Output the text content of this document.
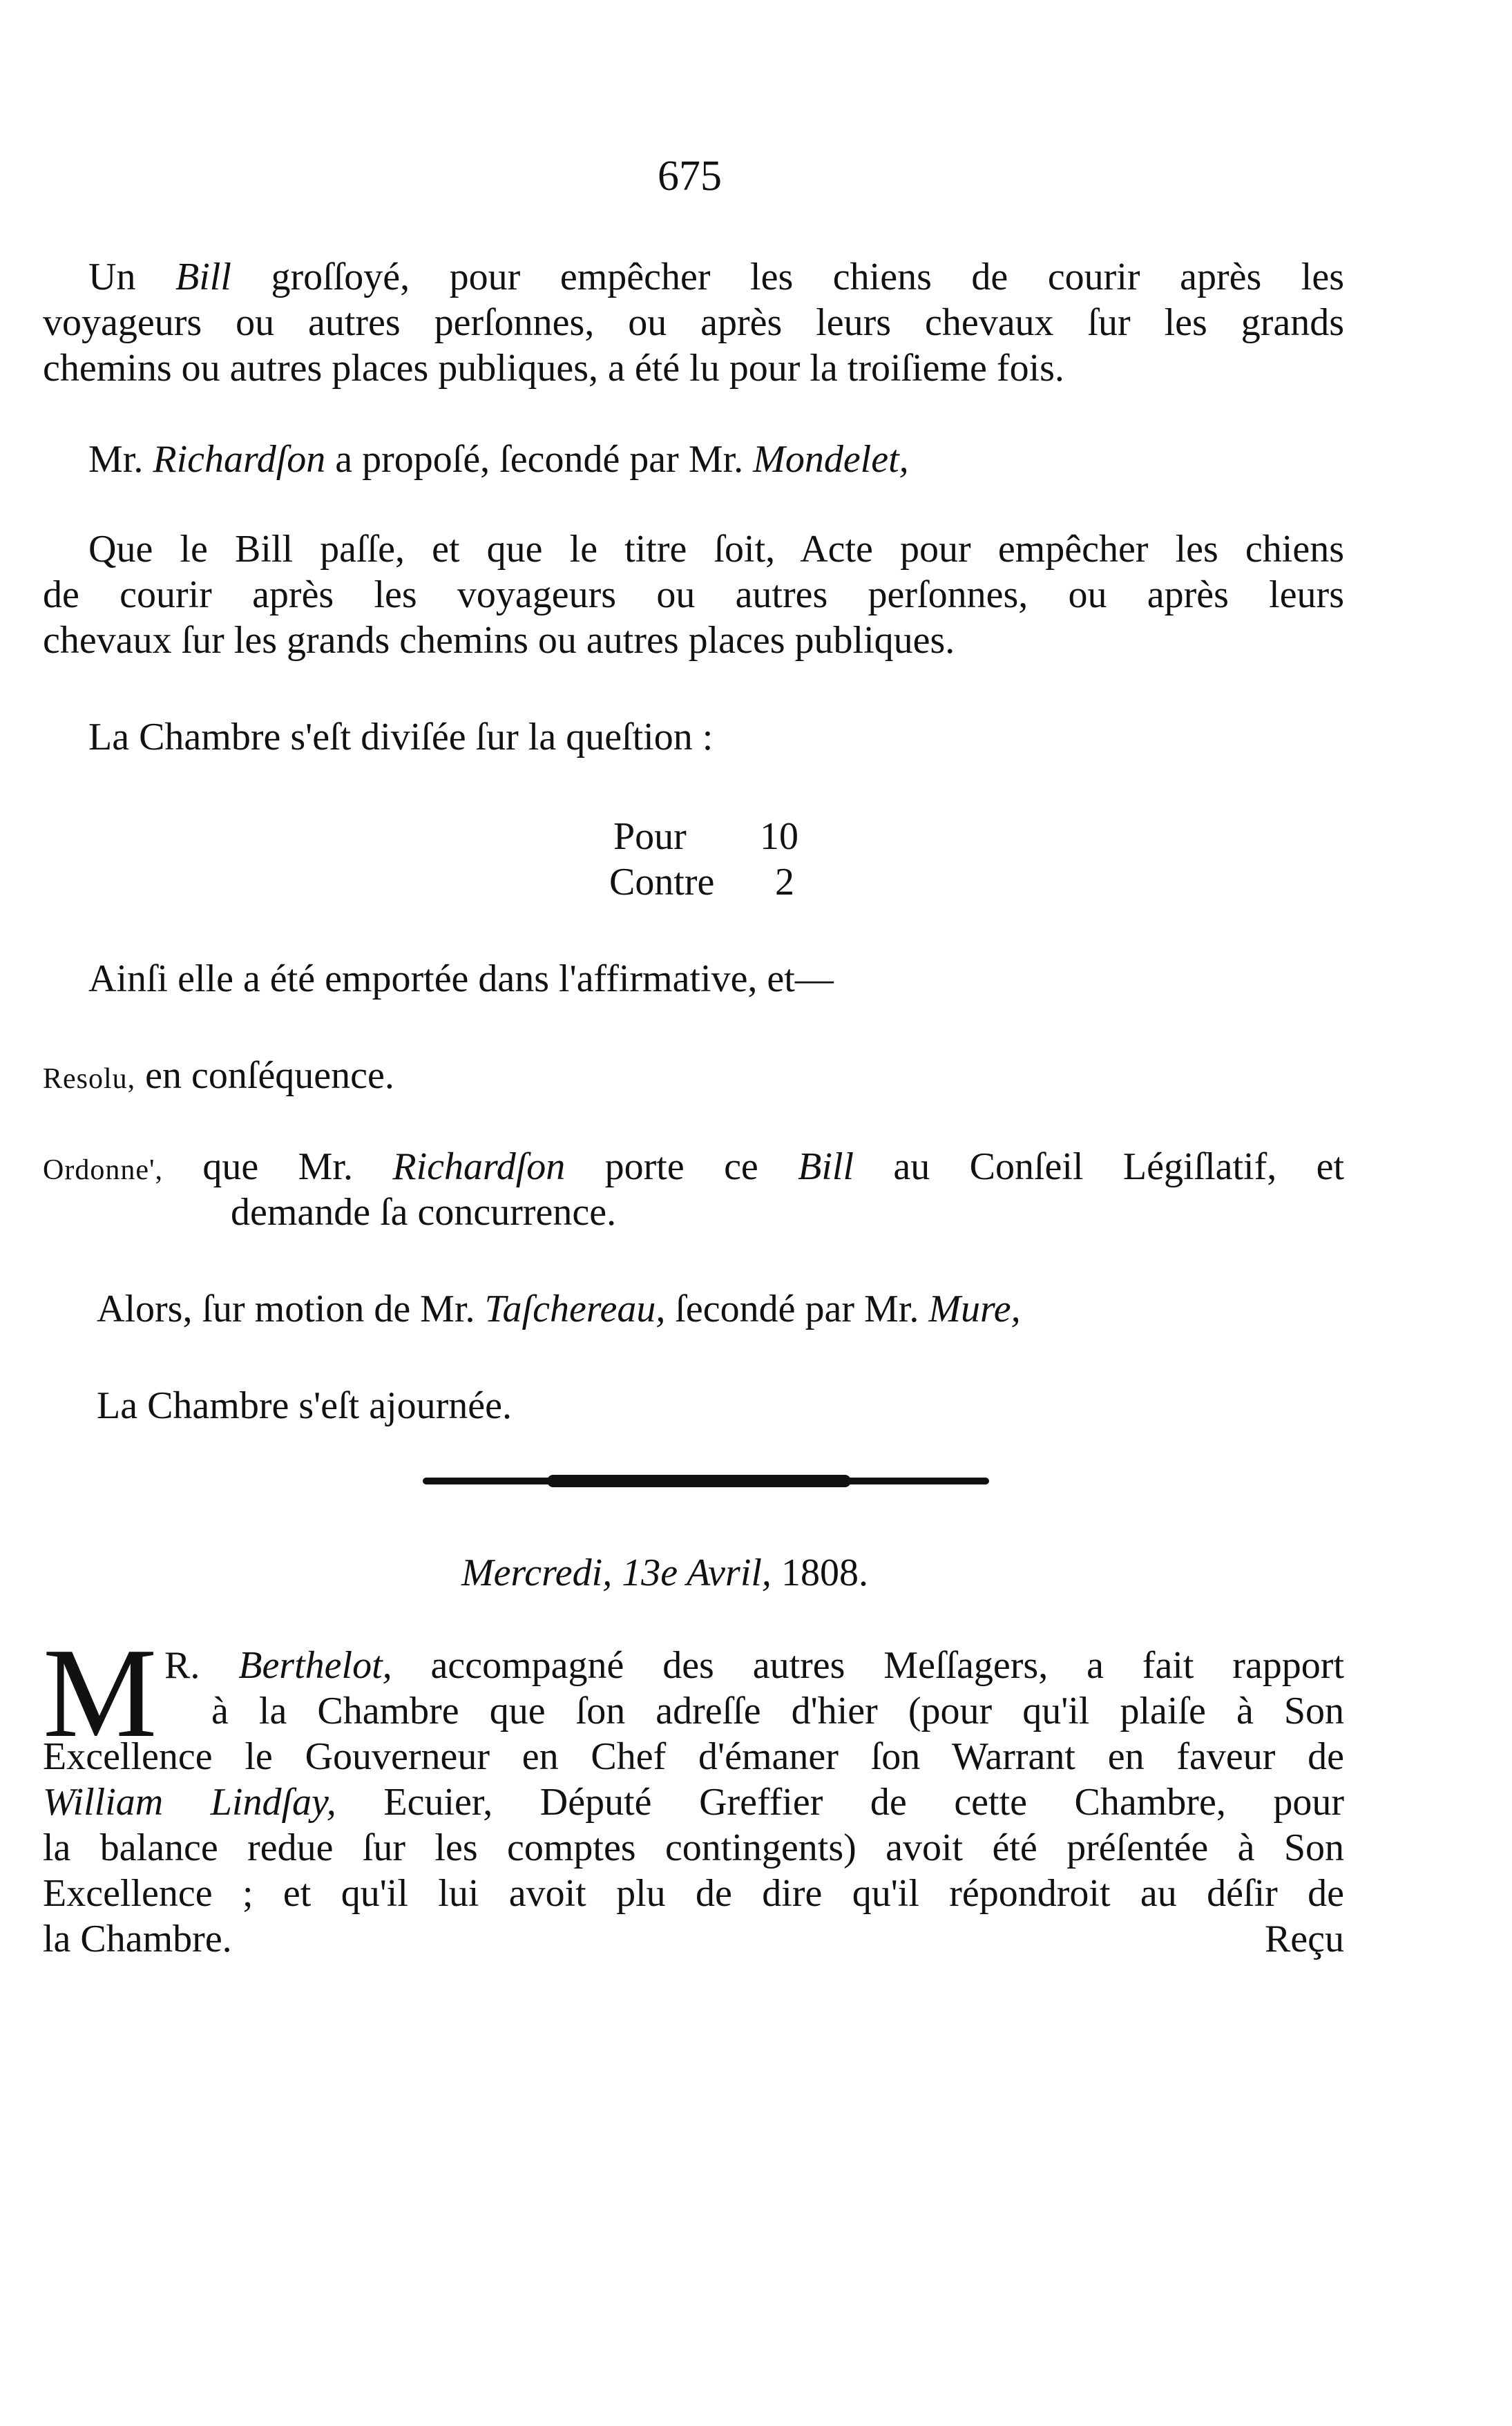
675
Un Bill groſſoyé, pour empêcher les chiens de courir après les
voyageurs ou autres perſonnes, ou après leurs chevaux ſur les grands
chemins ou autres places publiques, a été lu pour la troiſieme fois.
Mr. Richardſon a propoſé, ſecondé par Mr. Mondelet,
Que le Bill paſſe, et que le titre ſoit, Acte pour empêcher les chiens
de courir après les voyageurs ou autres perſonnes, ou après leurs
chevaux ſur les grands chemins ou autres places publiques.
La Chambre s'eſt diviſée ſur la queſtion :
Pour 10
Contre 2
Ainſi elle a été emportée dans l'affirmative, et—
Resolu, en conſéquence.
Ordonne', que Mr. Richardſon porte ce Bill au Conſeil Légiſlatif, et
demande ſa concurrence.
Alors, ſur motion de Mr. Taſchereau, ſecondé par Mr. Mure,
La Chambre s'eſt ajournée.
Mercredi, 13e Avril, 1808.
M R. Berthelot, accompagné des autres Meſſagers, a fait rapport
à la Chambre que ſon adreſſe d'hier (pour qu'il plaiſe à Son
Excellence le Gouverneur en Chef d'émaner ſon Warrant en faveur de
William Lindſay, Ecuier, Député Greffier de cette Chambre, pour
la balance redue ſur les comptes contingents) avoit été préſentée à Son
Excellence ; et qu'il lui avoit plu de dire qu'il répondroit au déſir de
la Chambre.	Reçu
